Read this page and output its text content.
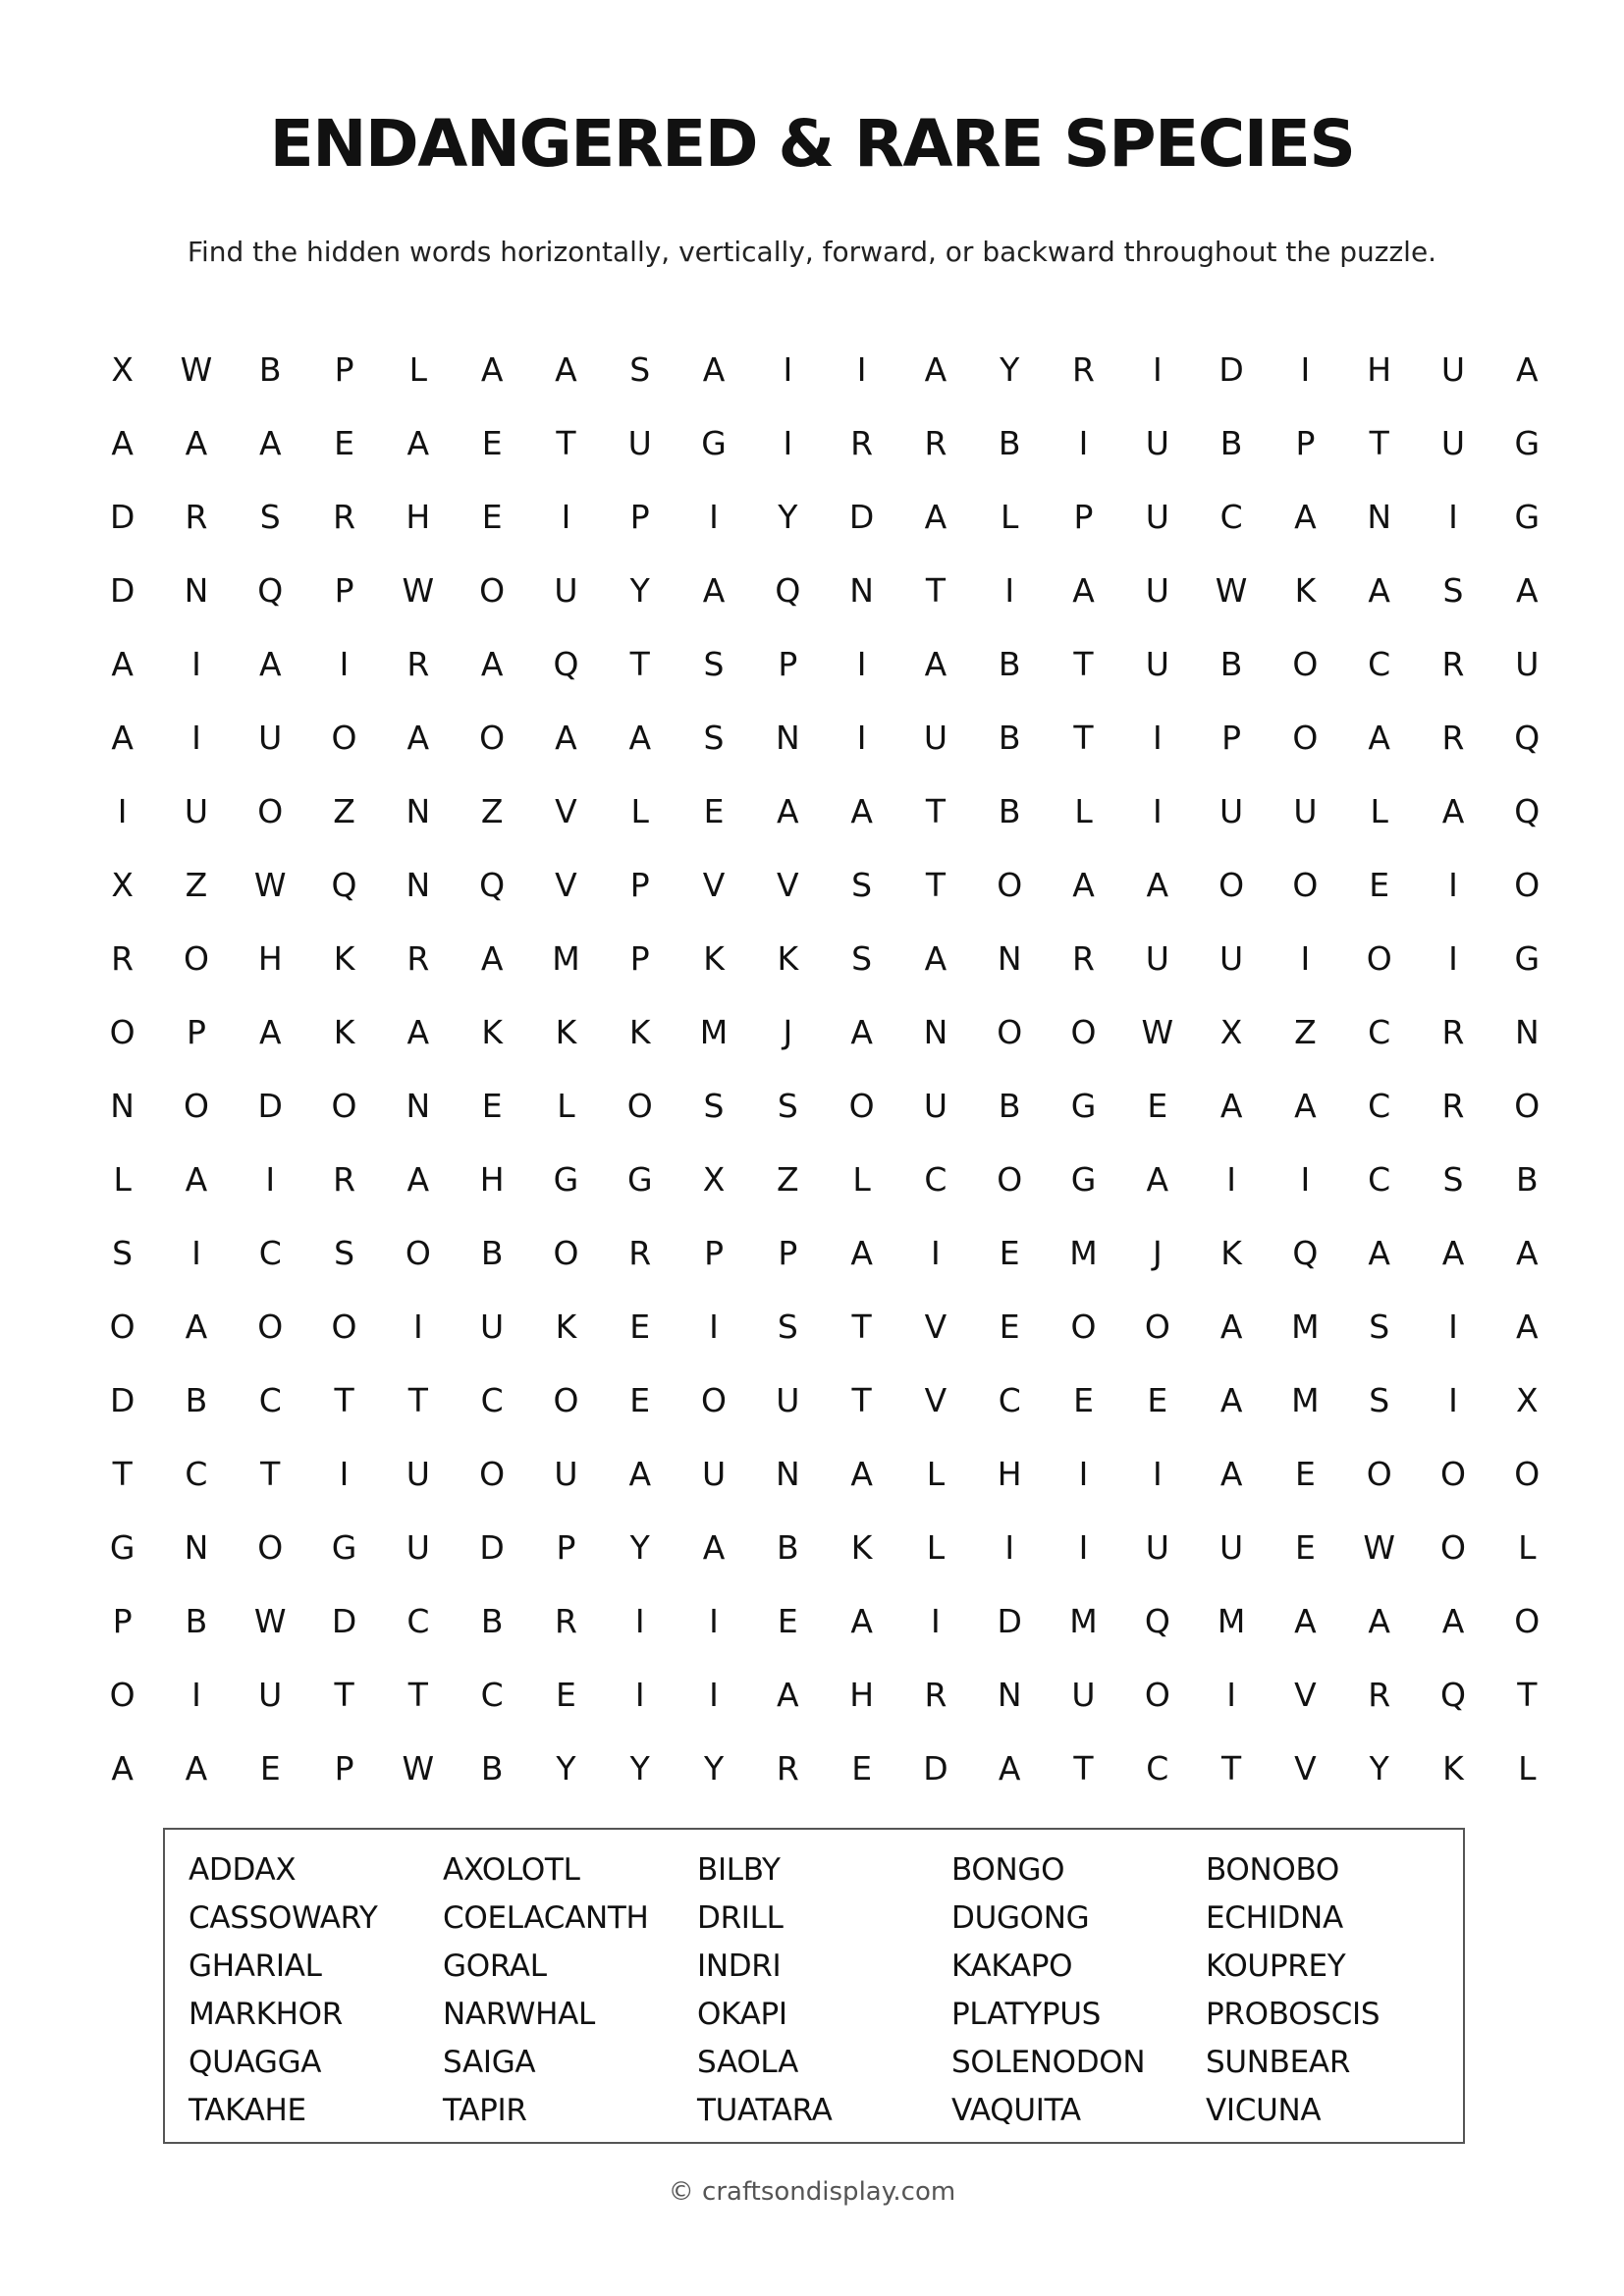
ENDANGERED & RARE SPECIES
Find the hidden words horizontally, vertically, forward, or backward throughout the puzzle.
X	W	B	P	L	A	A	S	A	I	I	A	Y	R	I	D	I	H	U	A
A	A	A	E	A	E	T	U	G	I	R	R	B	I	U	B	P	T	U	G
D	R	S	R	H	E	I	P	I	Y	D	A	L	P	U	C	A	N	I	G
D	N	Q	P	W	O	U	Y	A	Q	N	T	I	A	U	W	K	A	S	A
A	I	A	I	R	A	Q	T	S	P	I	A	B	T	U	B	O	C	R	U
A	I	U	O	A	O	A	A	S	N	I	U	B	T	I	P	O	A	R	Q
I	U	O	Z	N	Z	V	L	E	A	A	T	B	L	I	U	U	L	A	Q
X	Z	W	Q	N	Q	V	P	V	V	S	T	O	A	A	O	O	E	I	O
R	O	H	K	R	A	M	P	K	K	S	A	N	R	U	U	I	O	I	G
O	P	A	K	A	K	K	K	M	J	A	N	O	O	W	X	Z	C	R	N
N	O	D	O	N	E	L	O	S	S	O	U	B	G	E	A	A	C	R	O
L	A	I	R	A	H	G	G	X	Z	L	C	O	G	A	I	I	C	S	B
S	I	C	S	O	B	O	R	P	P	A	I	E	M	J	K	Q	A	A	A
O	A	O	O	I	U	K	E	I	S	T	V	E	O	O	A	M	S	I	A
D	B	C	T	T	C	O	E	O	U	T	V	C	E	E	A	M	S	I	X
T	C	T	I	U	O	U	A	U	N	A	L	H	I	I	A	E	O	O	O
G	N	O	G	U	D	P	Y	A	B	K	L	I	I	U	U	E	W	O	L
P	B	W	D	C	B	R	I	I	E	A	I	D	M	Q	M	A	A	A	O
O	I	U	T	T	C	E	I	I	A	H	R	N	U	O	I	V	R	Q	T
A	A	E	P	W	B	Y	Y	Y	R	E	D	A	T	C	T	V	Y	K	L
ADDAX	AXOLOTL	BILBY	BONGO	BONOBO
CASSOWARY	COELACANTH	DRILL	DUGONG	ECHIDNA
GHARIAL	GORAL	INDRI	KAKAPO	KOUPREY
MARKHOR	NARWHAL	OKAPI	PLATYPUS	PROBOSCIS
QUAGGA	SAIGA	SAOLA	SOLENODON	SUNBEAR
TAKAHE	TAPIR	TUATARA	VAQUITA	VICUNA
© craftsondisplay.com
